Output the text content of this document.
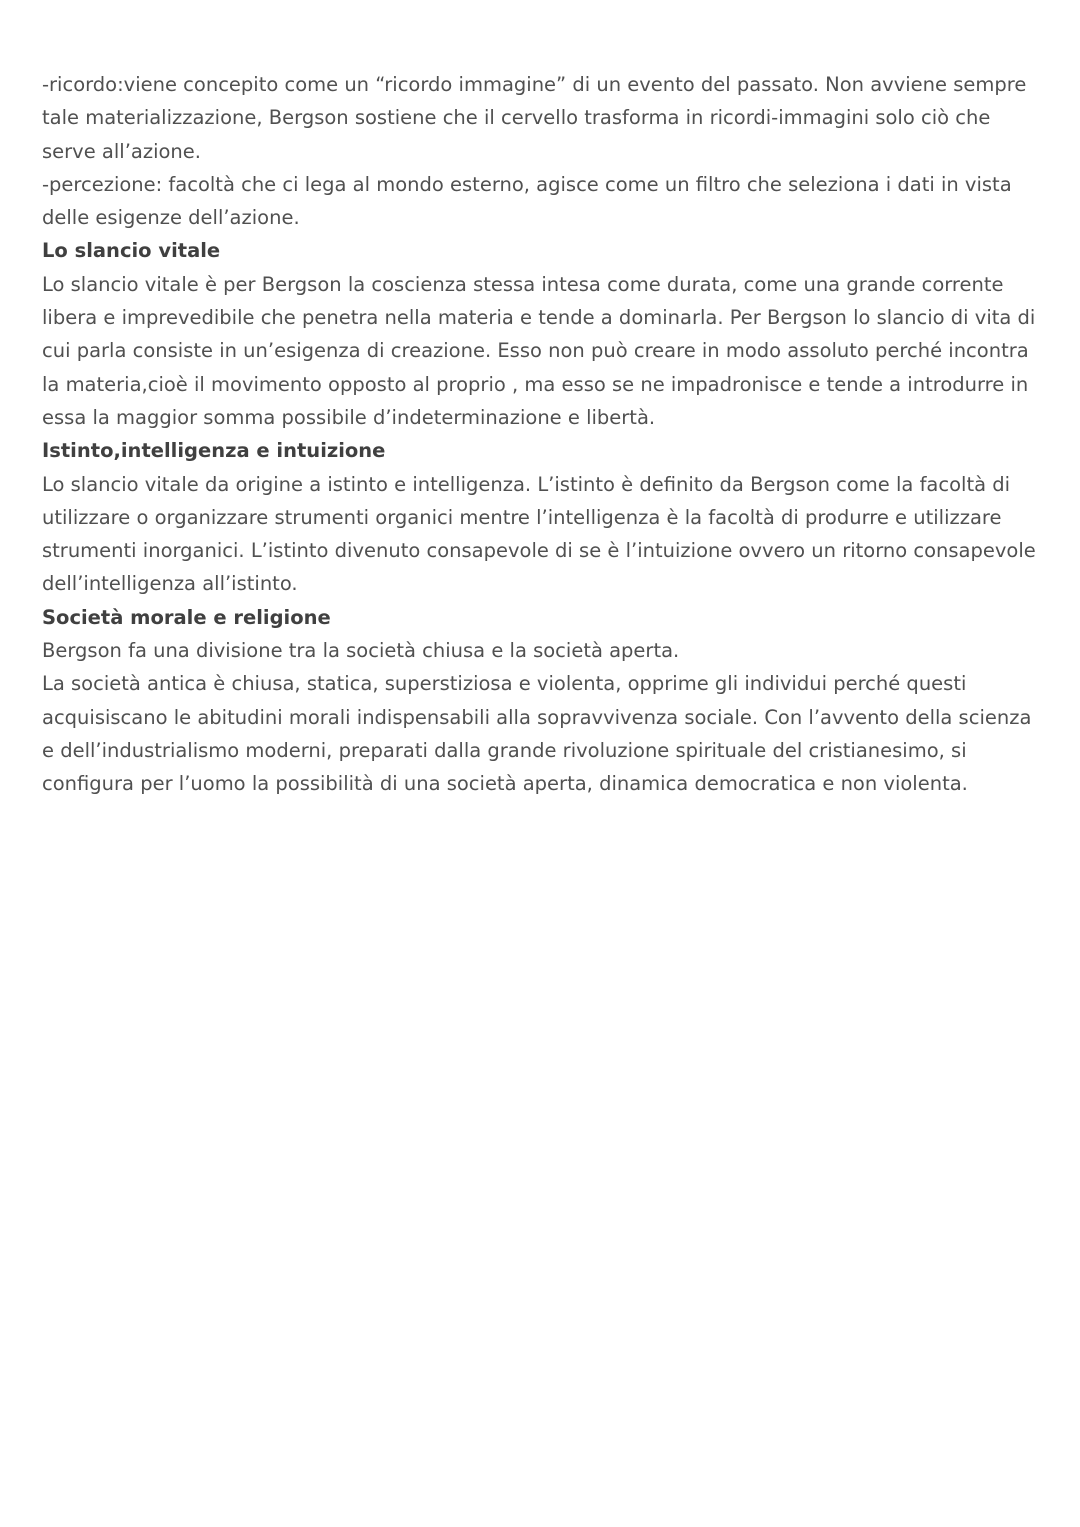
-ricordo:viene concepito come un “ricordo immagine” di un evento del passato. Non avviene sempre tale materializzazione, Bergson sostiene che il cervello trasforma in ricordi-immagini solo ciò che serve all’azione.

-percezione: facoltà che ci lega al mondo esterno, agisce come un filtro che seleziona i dati in vista delle esigenze dell’azione.

Lo slancio vitale

Lo slancio vitale è per Bergson la coscienza stessa intesa come durata, come una grande corrente libera e imprevedibile che penetra nella materia e tende a dominarla. Per Bergson lo slancio di vita di cui parla consiste in un’esigenza di creazione. Esso non può creare in modo assoluto perché incontra la materia,cioè il movimento opposto al proprio , ma esso se ne impadronisce e tende a introdurre in essa la maggior somma possibile d’indeterminazione e libertà.

Istinto,intelligenza e intuizione

Lo slancio vitale da origine a istinto e intelligenza. L’istinto è definito da Bergson come la facoltà di utilizzare o organizzare strumenti organici mentre l’intelligenza è la facoltà di produrre e utilizzare strumenti inorganici. L’istinto divenuto consapevole di se è l’intuizione ovvero un ritorno consapevole dell’intelligenza all’istinto.

Società morale e religione

Bergson fa una divisione tra la società chiusa e la società aperta.

La società antica è chiusa, statica, superstiziosa e violenta, opprime gli individui perché questi acquisiscano le abitudini morali indispensabili alla sopravvivenza sociale. Con l’avvento della scienza e dell’industrialismo moderni, preparati dalla grande rivoluzione spirituale del cristianesimo, si configura per l’uomo la possibilità di una società aperta, dinamica democratica e non violenta.
